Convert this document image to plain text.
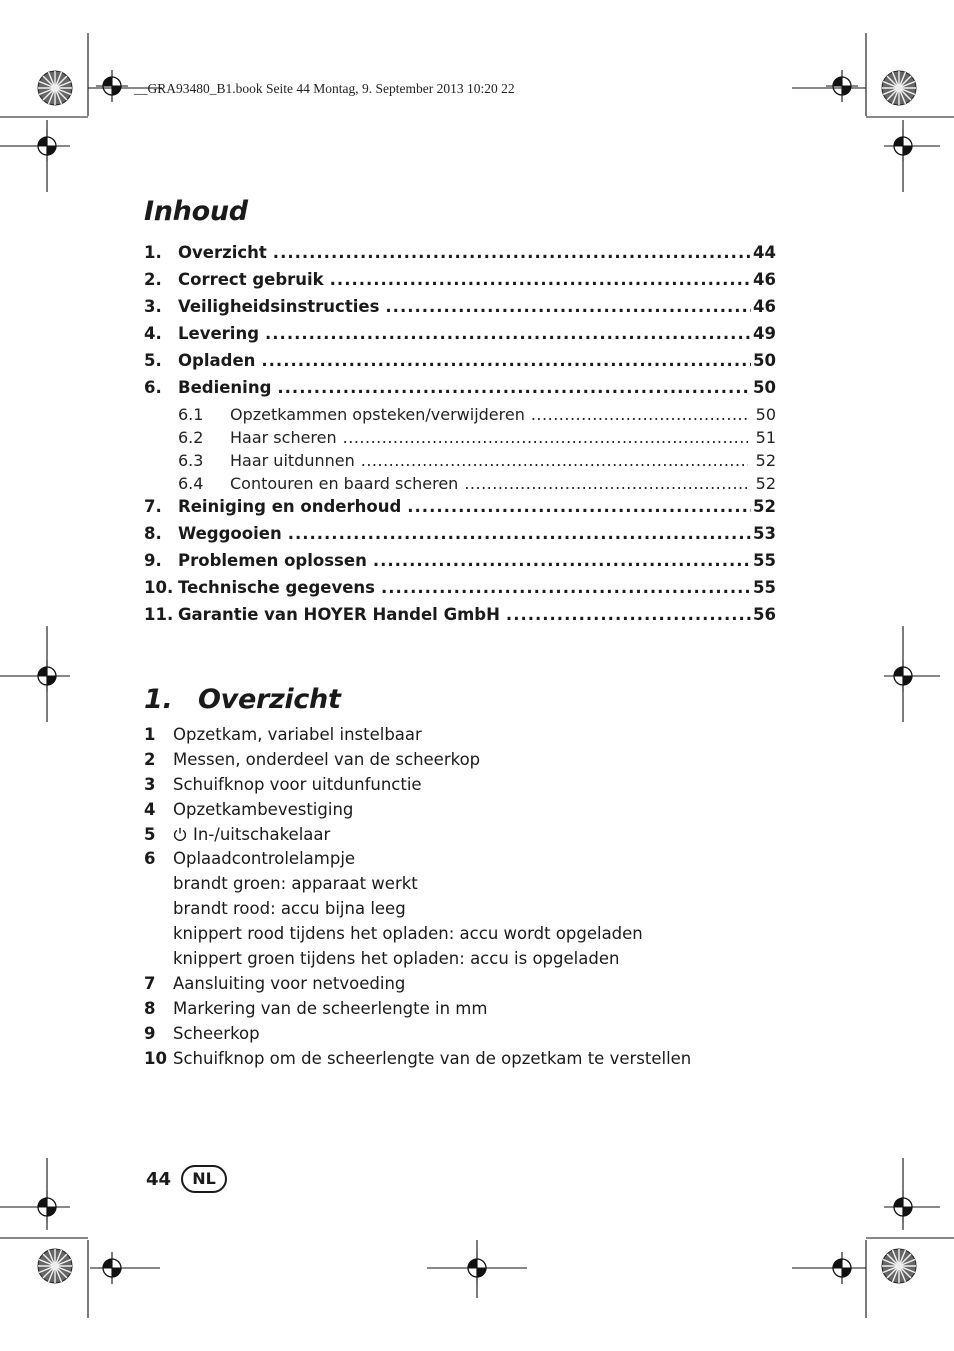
__GRA93480_B1.book Seite 44 Montag, 9. September 2013 10:20 22
Inhoud
1. Overzicht .....	44
2. Correct gebruik .....	46
3. Veiligheidsinstructies .....	46
4. Levering .....	49
5. Opladen .....	50
6. Bediening .....	50
6.1	Opzetkammen opsteken/verwijderen .....	50
6.2	Haar scheren .....	51
6.3	Haar uitdunnen .....	52
6.4	Contouren en baard scheren .....	52
7. Reiniging en onderhoud .....	52
8. Weggooien .....	53
9. Problemen oplossen .....	55
10. Technische gegevens .....	55
11. Garantie van HOYER Handel GmbH .....	56
1. Overzicht
1	Opzetkam, variabel instelbaar
2	Messen, onderdeel van de scheerkop
3	Schuifknop voor uitdunfunctie
4	Opzetkambevestiging
5	In-/uitschakelaar
6	Oplaadcontrolelampje
brandt groen: apparaat werkt
brandt rood: accu bijna leeg
knippert rood tijdens het opladen: accu wordt opgeladen
knippert groen tijdens het opladen: accu is opgeladen
7	Aansluiting voor netvoeding
8	Markering van de scheerlengte in mm
9	Scheerkop
10 Schuifknop om de scheerlengte van de opzetkam te verstellen
44	NL
